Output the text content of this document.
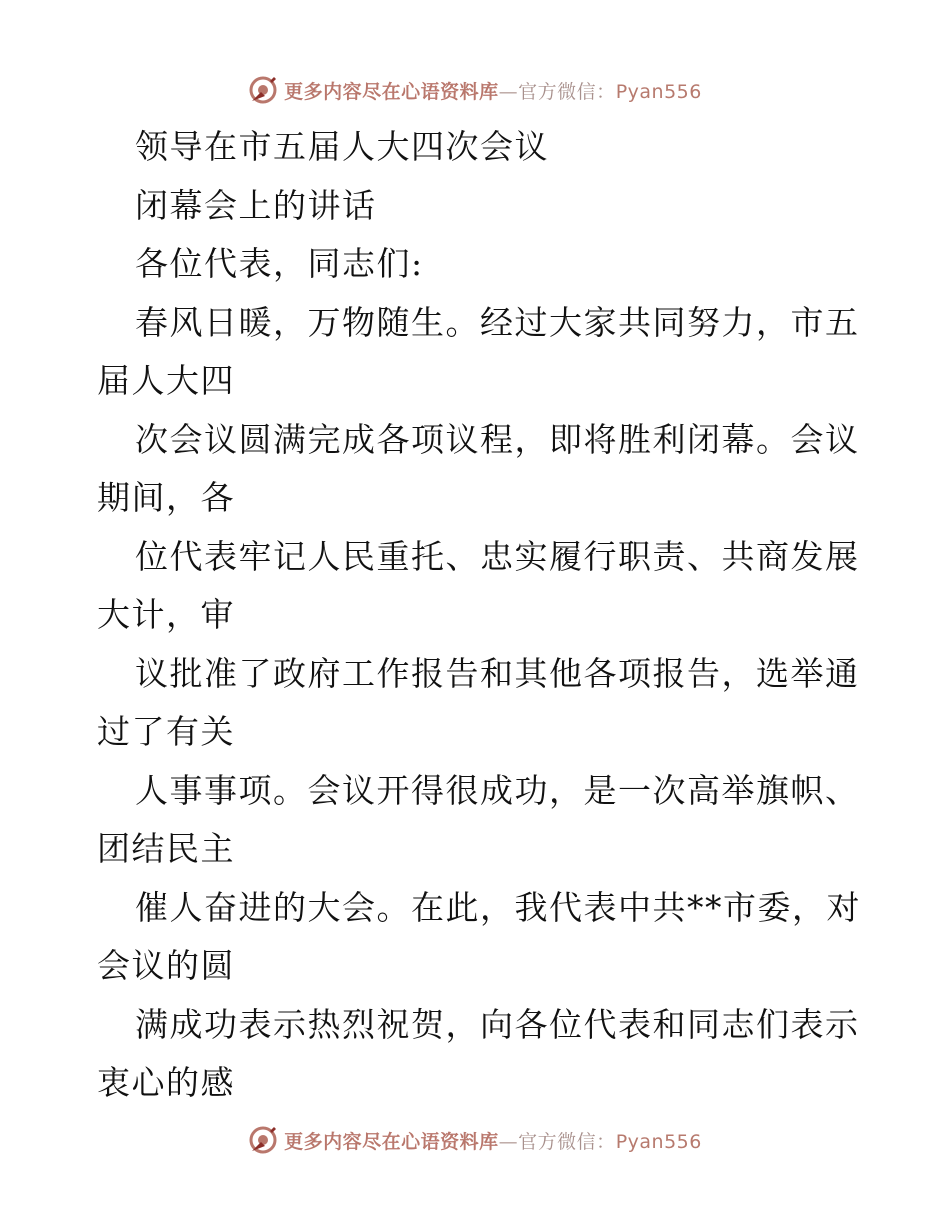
更多内容尽在心语资料库—官方微信：Pyan556
领导在市五届人大四次会议
闭幕会上的讲话
各位代表，同志们:
春风日暖，万物随生。经过大家共同努力，市五
届人大四
次会议圆满完成各项议程，即将胜利闭幕。会议
期间，各
位代表牢记人民重托、忠实履行职责、共商发展
大计，审
议批准了政府工作报告和其他各项报告，选举通
过了有关
人事事项。会议开得很成功，是一次高举旗帜、
团结民主
催人奋进的大会。在此，我代表中共**市委，对
会议的圆
满成功表示热烈祝贺，向各位代表和同志们表示
衷心的感
更多内容尽在心语资料库—官方微信：Pyan556
